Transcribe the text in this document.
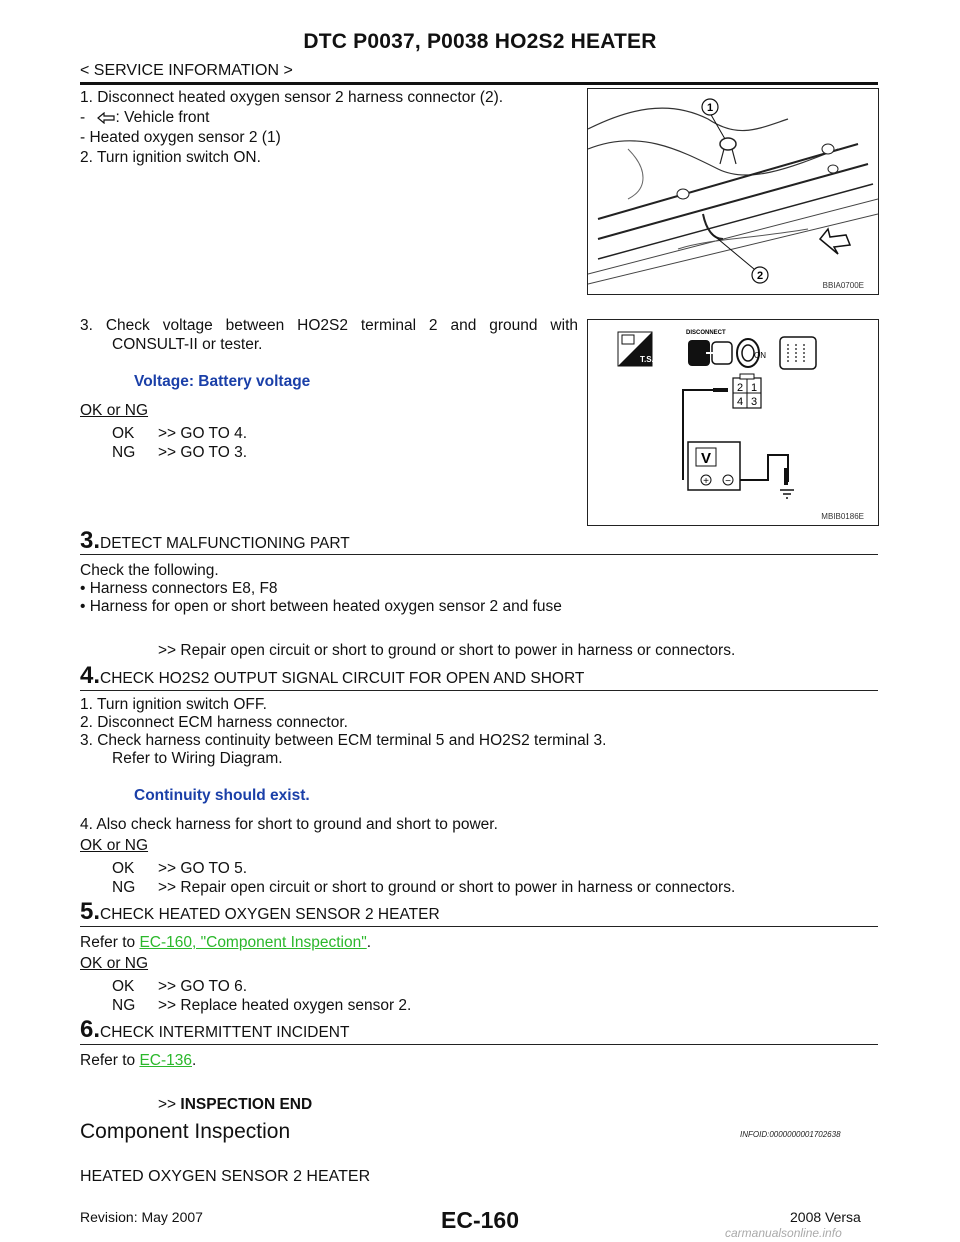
DTC P0037, P0038 HO2S2 HEATER
< SERVICE INFORMATION >
1. Disconnect heated oxygen sensor 2 harness connector (2).
- : Vehicle front
- Heated oxygen sensor 2 (1)
2. Turn ignition switch ON.
1
2
BBIA0700E
3. Check voltage between HO2S2 terminal 2 and ground with
CONSULT-II or tester.
Voltage: Battery voltage
OK or NG
OK >> GO TO 4.
NG >> GO TO 3.
T.S.
DISCONNECT
ON
2 1
4 3
V
+ −
MBIB0186E
3.DETECT MALFUNCTIONING PART
Check the following.
• Harness connectors E8, F8
• Harness for open or short between heated oxygen sensor 2 and fuse
>> Repair open circuit or short to ground or short to power in harness or connectors.
4.CHECK HO2S2 OUTPUT SIGNAL CIRCUIT FOR OPEN AND SHORT
1. Turn ignition switch OFF.
2. Disconnect ECM harness connector.
3. Check harness continuity between ECM terminal 5 and HO2S2 terminal 3.
Refer to Wiring Diagram.
Continuity should exist.
4. Also check harness for short to ground and short to power.
OK or NG
OK >> GO TO 5.
NG >> Repair open circuit or short to ground or short to power in harness or connectors.
5.CHECK HEATED OXYGEN SENSOR 2 HEATER
Refer to EC-160, "Component Inspection".
OK or NG
OK >> GO TO 6.
NG >> Replace heated oxygen sensor 2.
6.CHECK INTERMITTENT INCIDENT
Refer to EC-136.
>> INSPECTION END
Component Inspection	INFOID:0000000001702638
HEATED OXYGEN SENSOR 2 HEATER
Revision: May 2007	EC-160	2008 Versa
carmanualsonline.info
